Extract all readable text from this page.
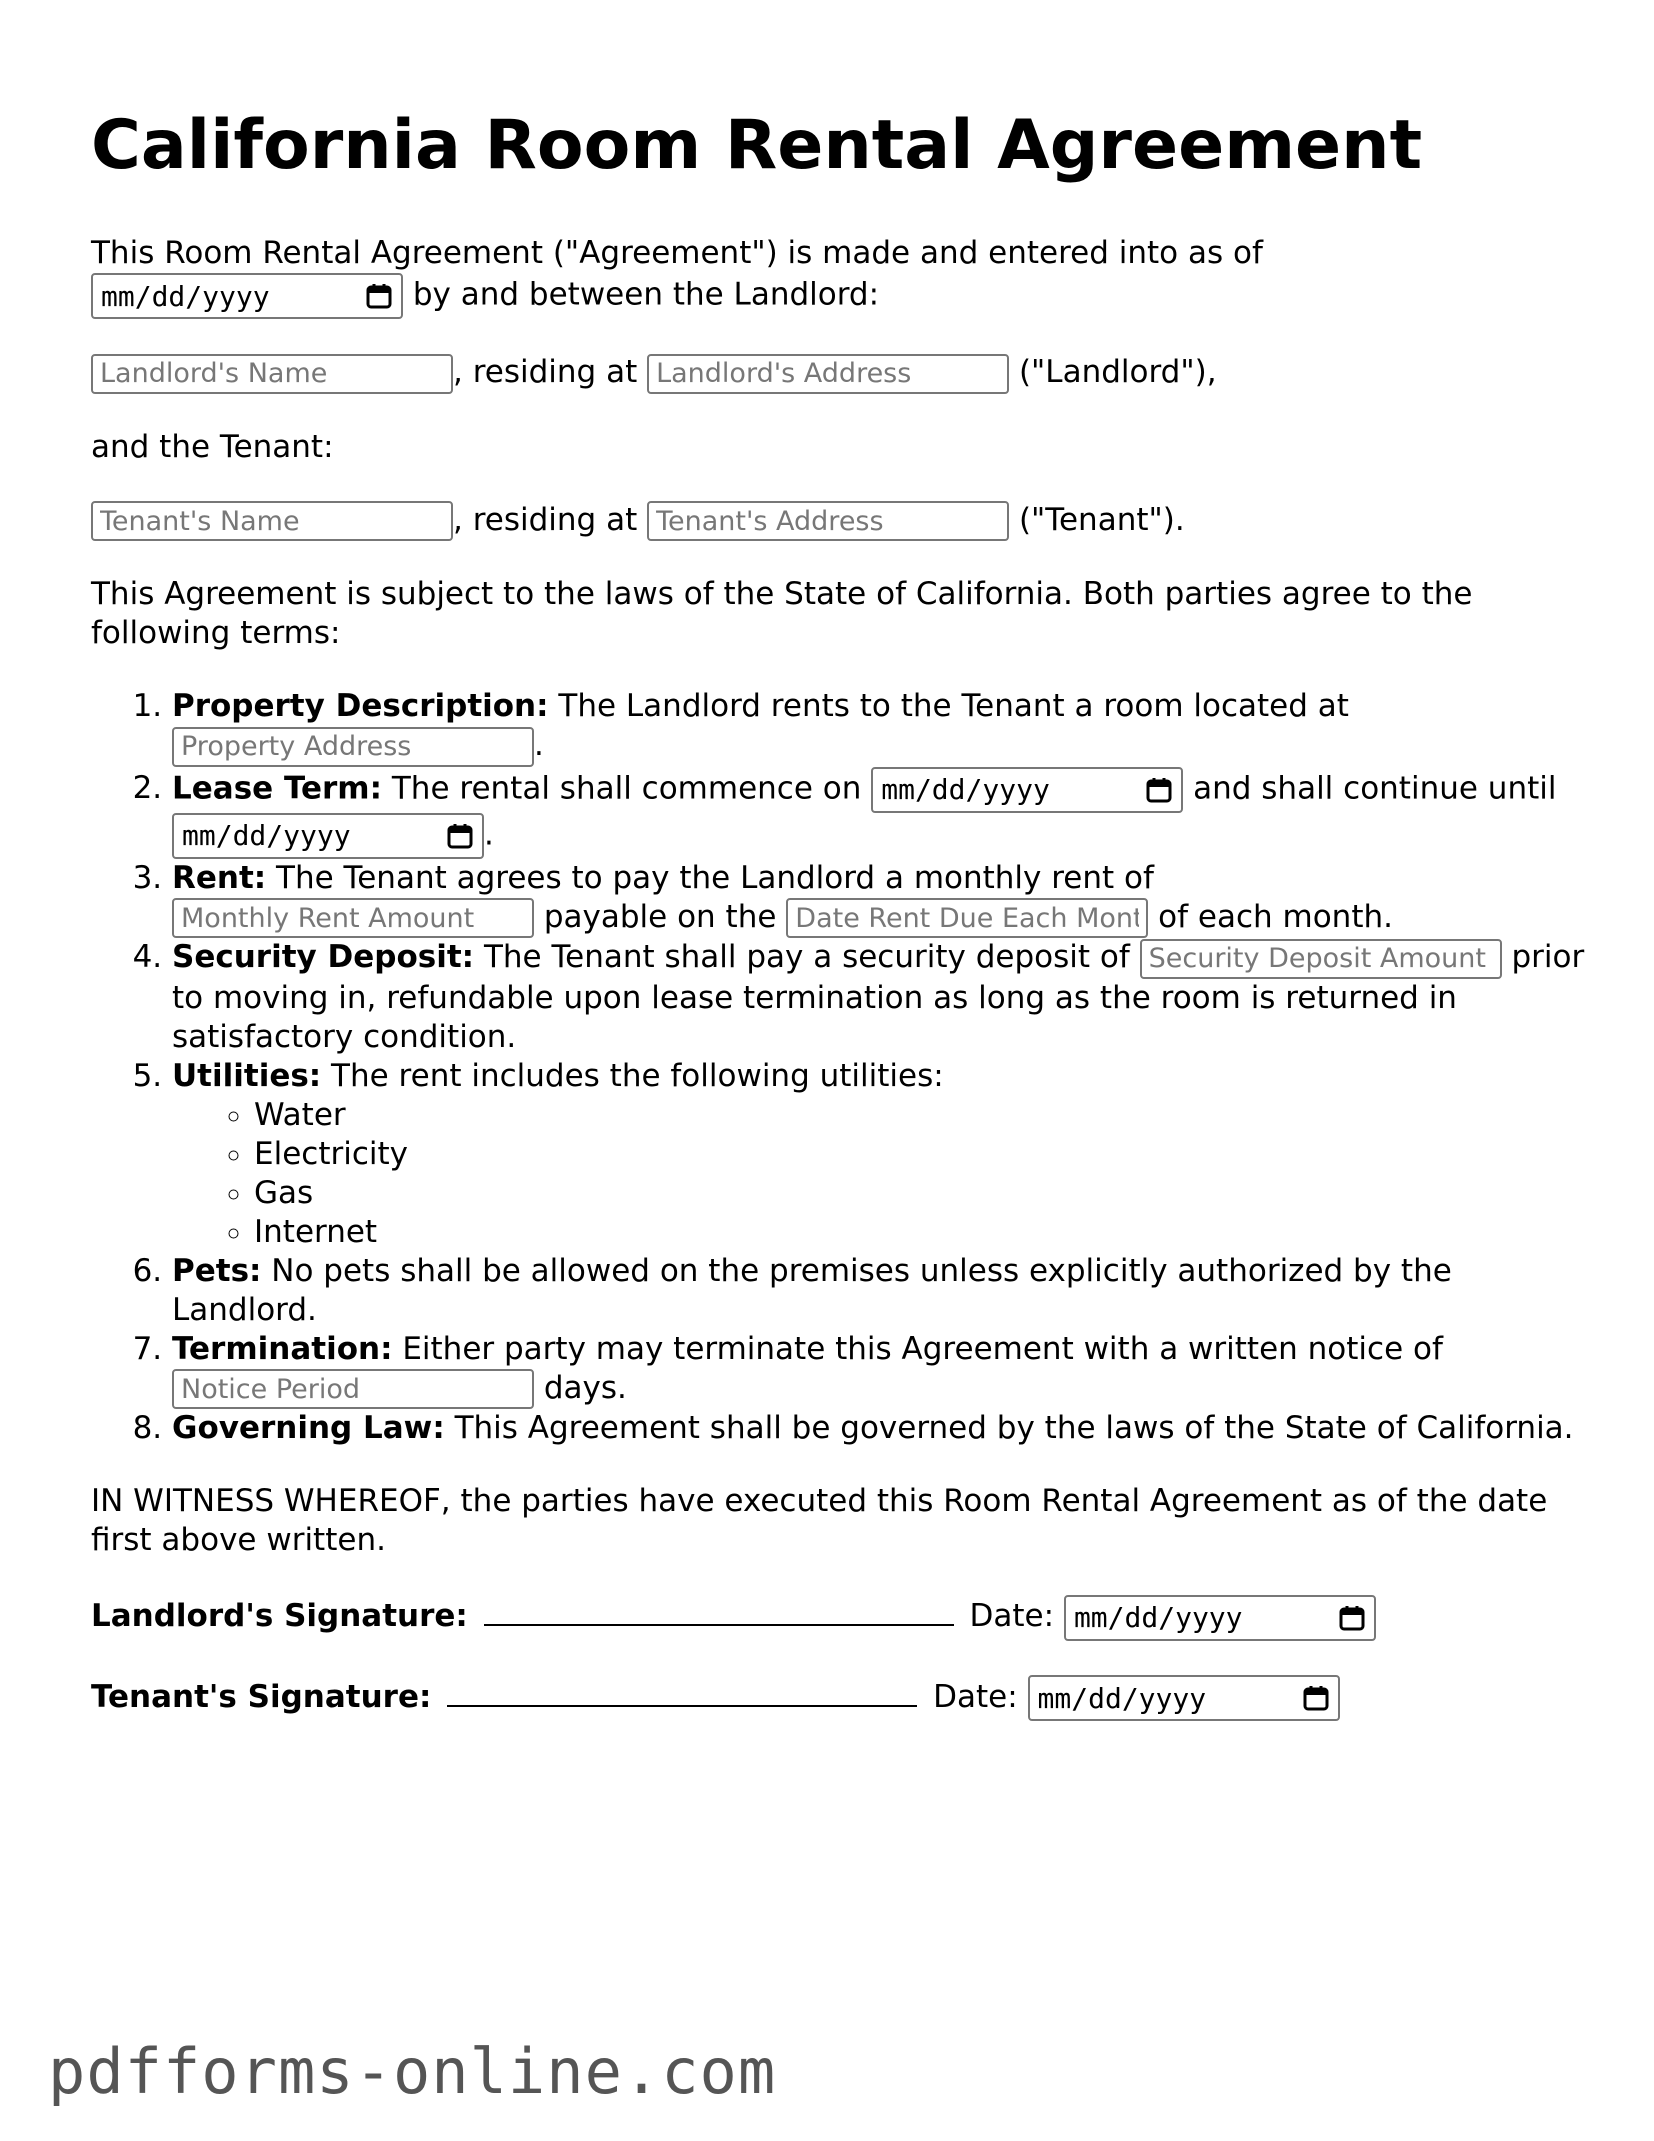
California Room Rental Agreement

This Room Rental Agreement ("Agreement") is made and entered into as of

mm/dd/yyyy	by and between the Landlord:

Landlord's Name, residing at Landlord's Address	("Landlord"),

and the Tenant:

Tenant's Name, residing at Tenant's Address	("Tenant").

This Agreement is subject to the laws of the State of California. Both parties agree to the following terms:

1. Property Description: The Landlord rents to the Tenant a room located at
Property Address.
2. Lease Term: The rental shall commence on mm/dd/yyyy	and shall continue until
mm/dd/yyyy	.
3. Rent: The Tenant agrees to pay the Landlord a monthly rent of
Monthly Rent Amount payable on the Date Rent Due Each Month	of each month.
4. Security Deposit: The Tenant shall pay a security deposit of Security Deposit Amount	prior to moving in, refundable upon lease termination as long as the room is returned in satisfactory condition.
5. Utilities: The rent includes the following utilities:
◦ Water
◦ Electricity
◦ Gas
◦ Internet
6. Pets: No pets shall be allowed on the premises unless explicitly authorized by the Landlord.
7. Termination: Either party may terminate this Agreement with a written notice of
Notice Period days.
8. Governing Law: This Agreement shall be governed by the laws of the State of California.

IN WITNESS WHEREOF, the parties have executed this Room Rental Agreement as of the date first above written.

Landlord's Signature:	Date: mm/dd/yyyy

Tenant's Signature:	Date: mm/dd/yyyy

pdfforms-online.com
